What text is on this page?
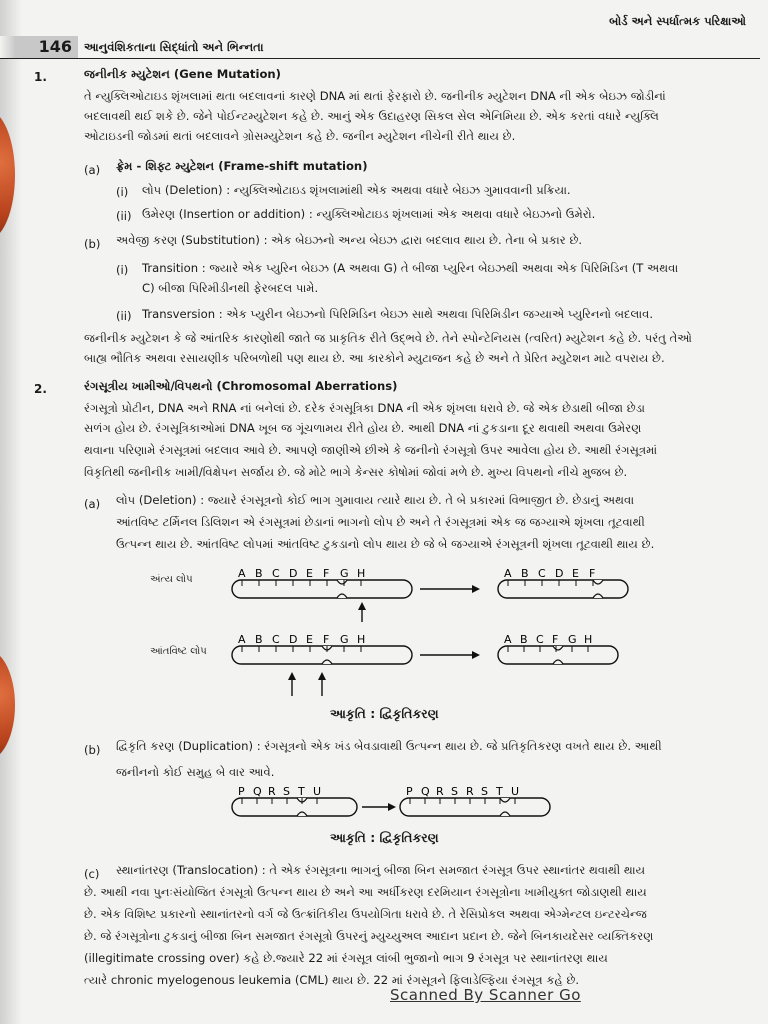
બોર્ડ અને સ્પર્ધાત્મક પરિક્ષાઓ
146	આનુવંશિકતાના સિદ્ધાંતો અને ભિન્નતા
1.	જનીનીક મ્યુટેશન (Gene Mutation)
તે ન્યુક્લિઓટાઇડ શૃંખલામાં થતા બદલાવનાં કારણે DNA માં થતાં ફેરફારો છે. જનીનીક મ્યુટેશન DNA ની એક બેઇઝ જોડીનાં
બદલાવથી થઈ શકે છે. જેને પોઈન્ટમ્યુટેશન કહે છે. આનું એક ઉદાહરણ સિકલ સેલ એનિમિયા છે. એક કરતાં વધારે ન્યુક્લિ
ઓટાઇડની જોડમાં થતાં બદલાવને ગ્રોસમ્યુટેશન કહે છે. જનીન મ્યુટેશન નીચેની રીતે થાય છે.
(a) ફ્રેમ - શિફ્ટ મ્યુટેશન (Frame-shift mutation)
(i) લોપ (Deletion) : ન્યુક્લિઓટાઇડ શૃંખલામાંથી એક અથવા વધારે બેઇઝ ગુમાવવાની પ્રક્રિયા.
(ii) ઉમેરણ (Insertion or addition) : ન્યુક્લિઓટાઇડ શૃંખલામાં એક અથવા વધારે બેઇઝનો ઉમેરો.
(b) અવેજી કરણ (Substitution) : એક બેઇઝનો અન્ય બેઇઝ દ્વારા બદલાવ થાય છે. તેના બે પ્રકાર છે.
(i) Transition : જ્યારે એક પ્યુરિન બેઇઝ (A અથવા G) તે બીજા પ્યુરિન બેઇઝથી અથવા એક પિરિમિડિન (T અથવા
C) બીજા પિરિમીડીનથી ફેરબદલ પામે.
(ii) Transversion : એક પ્યુરીન બેઇઝનો પિરિમિડિન બેઇઝ સાથે અથવા પિરિમિડીન જગ્યાએ પ્યુરિનનો બદલાવ.
જનીનીક મ્યુટેશન કે જે આંતરિક કારણોથી જાતે જ પ્રાકૃતિક રીતે ઉદ્ભવે છે. તેને સ્પોન્ટેનિયસ (ત્વરિત) મ્યુટેશન કહે છે. પરંતુ તેઓ
બાહ્ય ભૌતિક અથવા રસાયણીક પરિબળોથી પણ થાય છે. આ કારકોને મ્યુટાજન કહે છે અને તે પ્રેરિત મ્યુટેશન માટે વપરાય છે.
2.	રંગસૂત્રીય ખામીઓ/વિપથનો (Chromosomal Aberrations)
રંગસૂત્રો પ્રોટીન, DNA અને RNA નાં બનેલાં છે. દરેક રંગસૂત્રિકા DNA ની એક શૃંખલા ધરાવે છે. જે એક છેડાથી બીજા છેડા
સળંગ હોય છે. રંગસૂત્રિકાઓમાં DNA ખૂબ જ ગૂંચળામય રીતે હોય છે. આથી DNA નાં ટુકડાના દૂર થવાથી અથવા ઉમેરણ
થવાના પરિણામે રંગસૂત્રમાં બદલાવ આવે છે. આપણે જાણીએ છીએ કે જનીનો રંગસૂત્રો ઉપર આવેલા હોય છે. આથી રંગસૂત્રમાં
વિકૃતિથી જનીનીક ખામી/વિક્ષેપન સર્જાય છે. જે મોટે ભાગે કેન્સર કોષોમાં જોવાં મળે છે. મુખ્ય વિપથનો નીચે મુજબ છે.
(a) લોપ (Deletion) : જ્યારે રંગસૂત્રનો કોઈ ભાગ ગુમાવાય ત્યારે થાય છે. તે બે પ્રકારમાં વિભાજીત છે. છેડાનું અથવા
આંતવિષ્ટ ટર્મિનલ ડિલિશન એ રંગસૂત્રમાં છેડાનાં ભાગનો લોપ છે અને તે રંગસૂત્રમાં એક જ જગ્યાએ શૃંખલા તૂટવાથી
ઉત્પન્ન થાય છે. આંતવિષ્ટ લોપમાં આંતવિષ્ટ ટુકડાનો લોપ થાય છે જે બે જગ્યાએ રંગસૂત્રની શૃંખલા તૂટવાથી થાય છે.
અંત્ય લોપ
આંતવિષ્ટ લોપ
A B C D E F G H	A B C D E F
A B C D E F G H	A B C F G H
P Q R S T U	P Q R S R S T U
આકૃતિ : દ્વિકૃતિકરણ
(b) દ્વિકૃતિ કરણ (Duplication) : રંગસૂત્રનો એક ખંડ બેવડાવાથી ઉત્પન્ન થાય છે. જે પ્રતિકૃતિકરણ વખતે થાય છે. આથી
જનીનનો કોઈ સમુહ બે વાર આવે.
આકૃતિ : દ્વિકૃતિકરણ
(c) સ્થાનાંતરણ (Translocation) : તે એક રંગસૂત્રના ભાગનું બીજા બિન સમજાત રંગસૂત્ર ઉપર સ્થાનાંતર થવાથી થાય
છે. આથી નવા પુનઃસંયોજિત રંગસૂત્રો ઉત્પન્ન થાય છે અને આ અર્ધીકરણ દરમિયાન રંગસૂત્રોના ખામીયુક્ત જોડાણથી થાય
છે. એક વિશિષ્ટ પ્રકારનો સ્થાનાંતરનો વર્ગ જે ઉત્ક્રાંતિકીય ઉપયોગિતા ધરાવે છે. તે રેસિપ્રોકલ અથવા એગ્મેન્ટલ ઇન્ટરચેન્જ
છે. જે રંગસૂત્રોના ટુકડાનું બીજા બિન સમજાત રંગસૂત્રો ઉપરનું મ્યુચ્યુઅલ આદાન પ્રદાન છે. જેને બિનકાયદેસર વ્યક્તિકરણ
(illegitimate crossing over) કહે છે.જ્યારે 22 માં રંગસૂત્ર લાંબી ભુજાનો ભાગ 9 રંગસૂત્ર પર સ્થાનાંતરણ થાય
ત્યારે chronic myelogenous leukemia (CML) થાય છે. 22 માં રંગસૂત્રને ફિલાડેલ્ફિયા રંગસૂત્ર કહે છે.
Scanned By Scanner Go
